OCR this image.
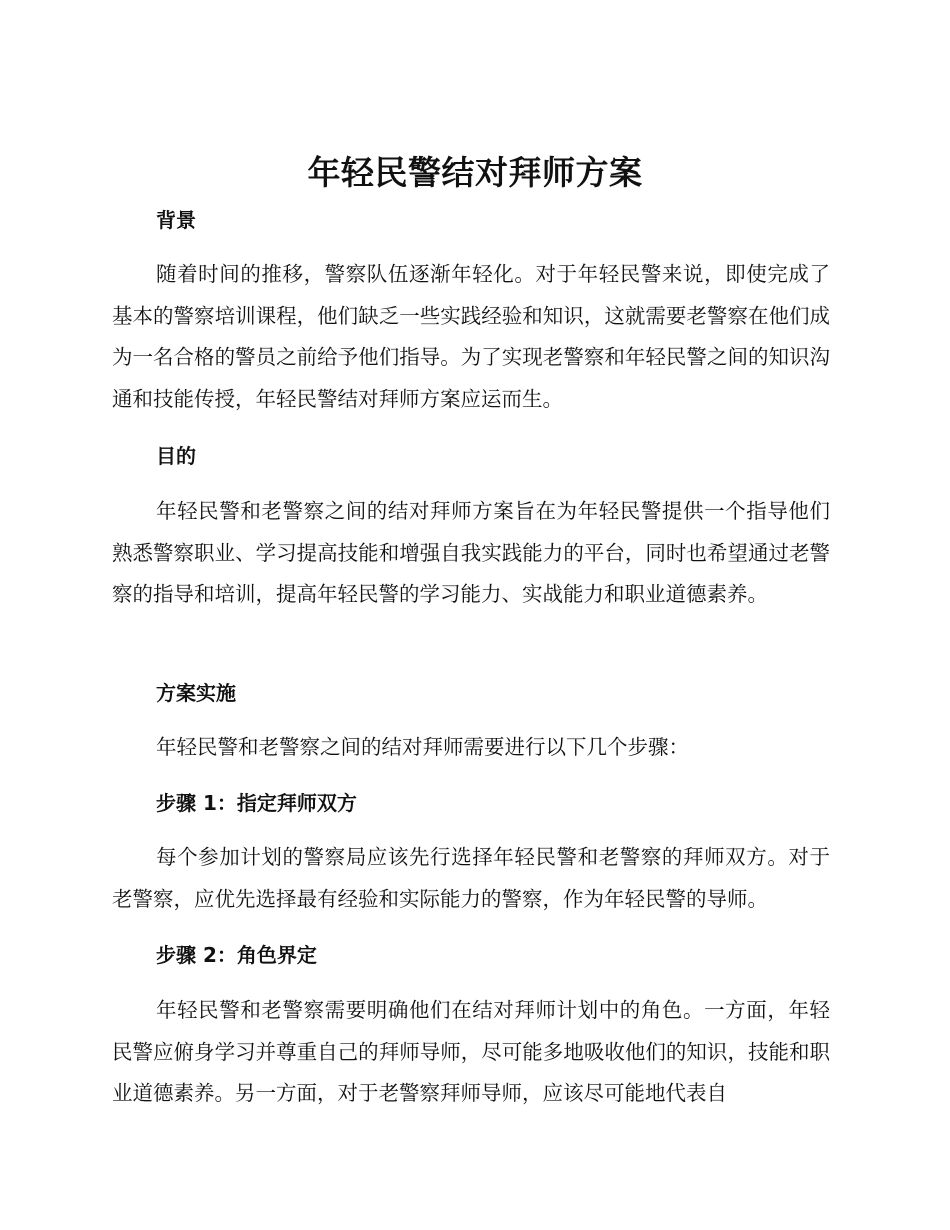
年轻民警结对拜师方案
背景

随着时间的推移，警察队伍逐渐年轻化。对于年轻民警来说，即使完成了基本的警察培训课程，他们缺乏一些实践经验和知识，这就需要老警察在他们成为一名合格的警员之前给予他们指导。为了实现老警察和年轻民警之间的知识沟通和技能传授，年轻民警结对拜师方案应运而生。

目的

年轻民警和老警察之间的结对拜师方案旨在为年轻民警提供一个指导他们熟悉警察职业、学习提高技能和增强自我实践能力的平台，同时也希望通过老警察的指导和培训，提高年轻民警的学习能力、实战能力和职业道德素养。

方案实施

年轻民警和老警察之间的结对拜师需要进行以下几个步骤：

步骤 1：指定拜师双方

每个参加计划的警察局应该先行选择年轻民警和老警察的拜师双方。对于老警察，应优先选择最有经验和实际能力的警察，作为年轻民警的导师。

步骤 2：角色界定

年轻民警和老警察需要明确他们在结对拜师计划中的角色。一方面，年轻民警应俯身学习并尊重自己的拜师导师，尽可能多地吸收他们的知识，技能和职业道德素养。另一方面，对于老警察拜师导师，应该尽可能地代表自
